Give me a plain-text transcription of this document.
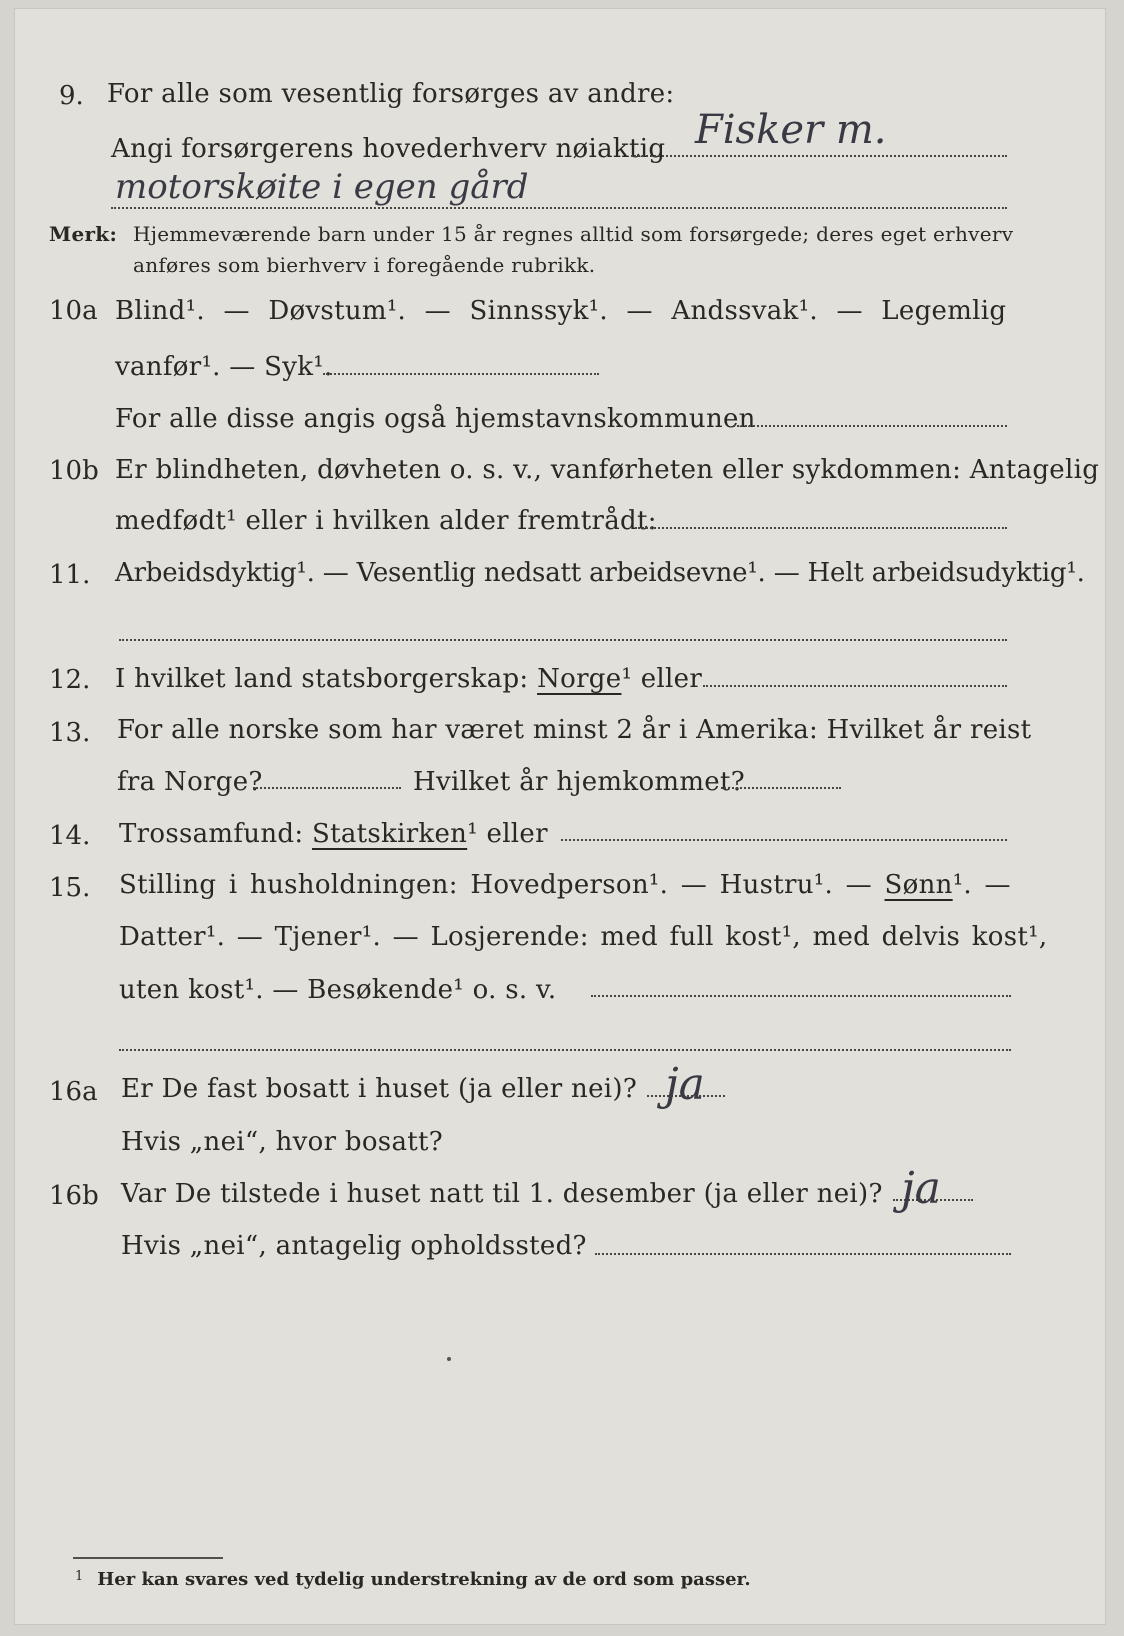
9. For alle som vesentlig forsørges av andre:
Angi forsørgerens hovederhverv nøiaktig Fisker m.
motorskøite i egen gård
Merk: Hjemmeværende barn under 15 år regnes alltid som forsørgede; deres eget erhverv
anføres som bierhverv i foregående rubrikk.
10a Blind¹. — Døvstum¹. — Sinnssyk¹. — Andssvak¹. — Legemlig
vanfør¹. — Syk¹.
For alle disse angis også hjemstavnskommunen
10b Er blindheten, døvheten o. s. v., vanførheten eller sykdommen: Antagelig
medfødt¹ eller i hvilken alder fremtrådt:
11. Arbeidsdyktig¹. — Vesentlig nedsatt arbeidsevne¹. — Helt arbeidsudyktig¹.
12. I hvilket land statsborgerskap: Norge¹ eller
13. For alle norske som har været minst 2 år i Amerika: Hvilket år reist
fra Norge?	Hvilket år hjemkommet?
14. Trossamfund: Statskirken¹ eller
15. Stilling i husholdningen: Hovedperson¹. — Hustru¹. — Sønn¹. —
Datter¹. — Tjener¹. — Losjerende: med full kost¹, med delvis kost¹,
uten kost¹. — Besøkende¹ o. s. v.
16a Er De fast bosatt i huset (ja eller nei)? ja
Hvis „nei“, hvor bosatt?
16b Var De tilstede i huset natt til 1. desember (ja eller nei)? ja
Hvis „nei“, antagelig opholdssted?
$^1$ Her kan svares ved tydelig understrekning av de ord som passer.
